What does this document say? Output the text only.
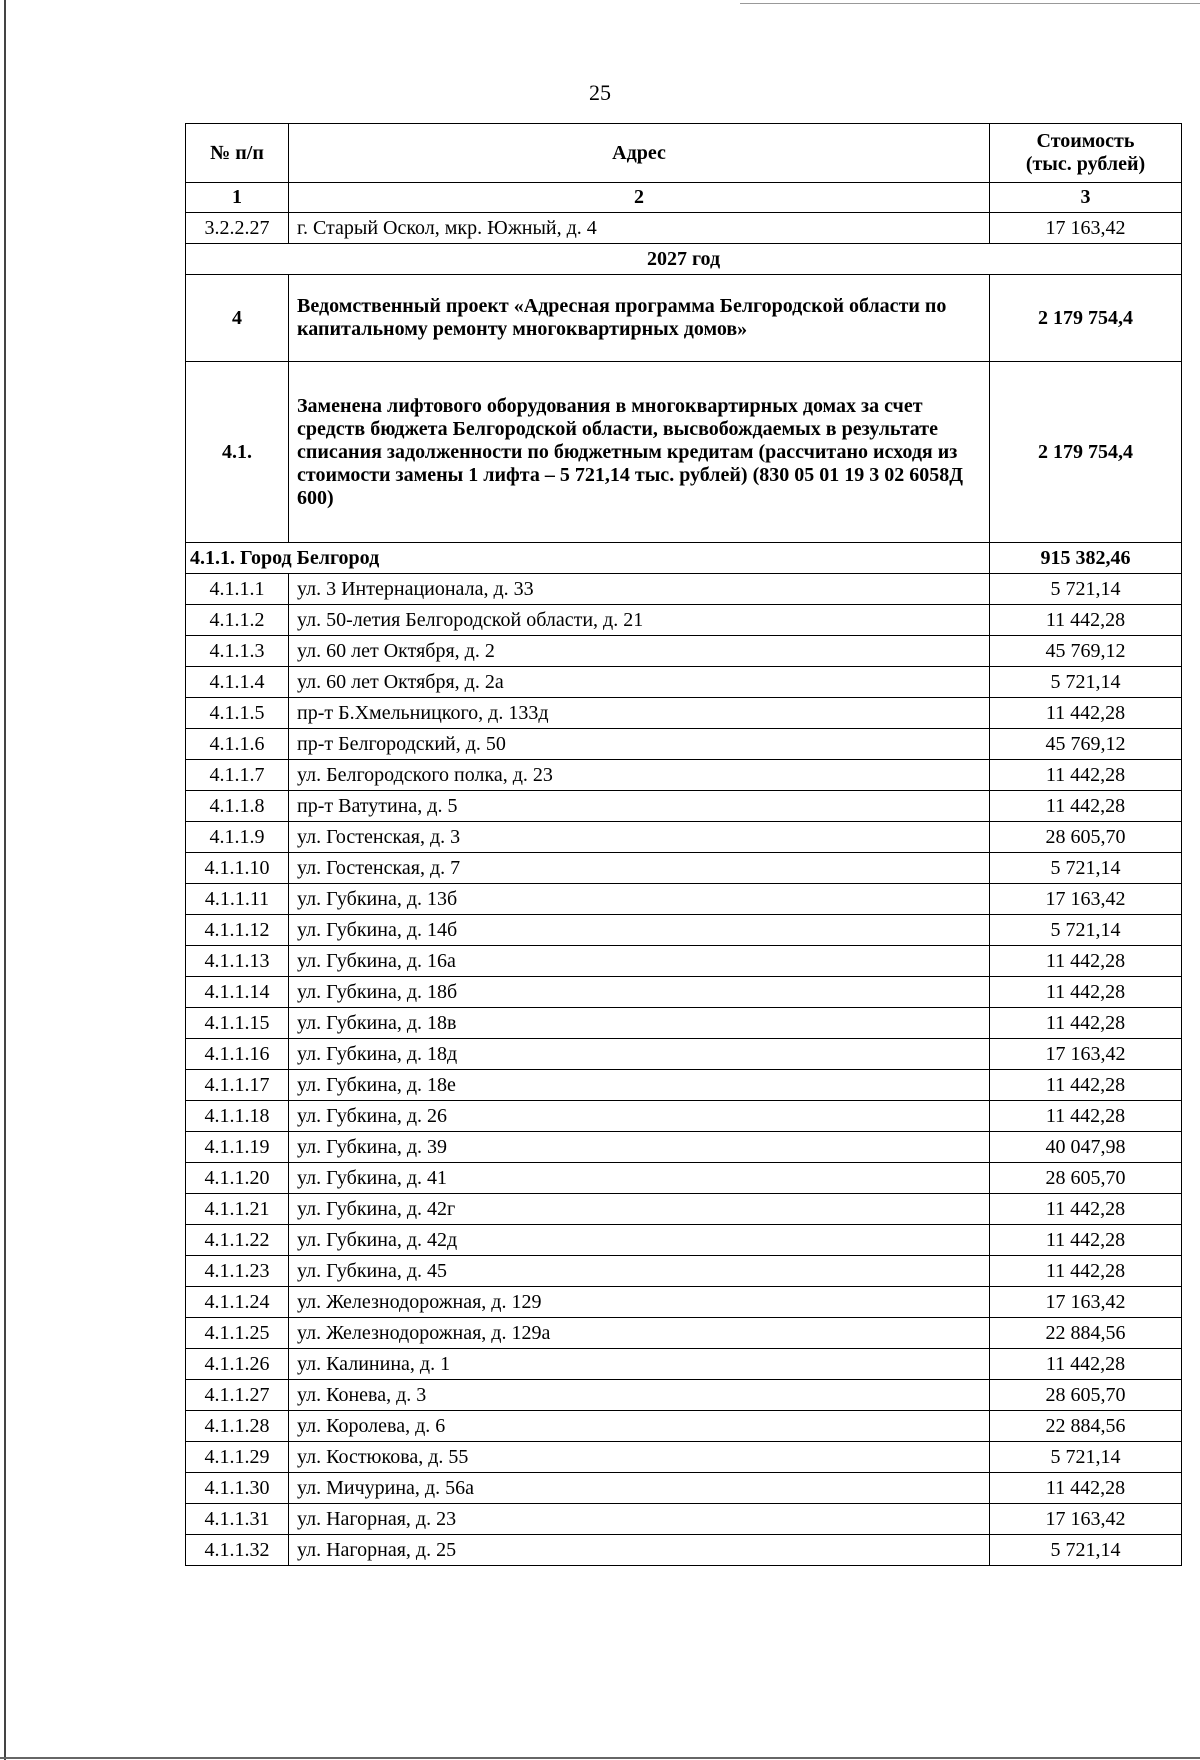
25
№ п/п	Адрес	Стоимость
(тыс. рублей)
1	2	3
3.2.2.27	г. Старый Оскол, мкр. Южный, д. 4	17 163,42
2027 год		
4	Ведомственный проект «Адресная программа Белгородской области по капитальному ремонту многоквартирных домов»	2 179 754,4
4.1.	Заменена лифтового оборудования в многоквартирных домах за счет средств бюджета Белгородской области, высвобождаемых в результате списания задолженности по бюджетным кредитам (рассчитано исходя из стоимости замены 1 лифта – 5 721,14 тыс. рублей) (830 05 01 19 3 02 6058Д 600)	2 179 754,4
4.1.1. Город Белгород		915 382,46
4.1.1.1	ул. 3 Интернационала, д. 33	5 721,14
4.1.1.2	ул. 50-летия Белгородской области, д. 21	11 442,28
4.1.1.3	ул. 60 лет Октября, д. 2	45 769,12
4.1.1.4	ул. 60 лет Октября, д. 2а	5 721,14
4.1.1.5	пр-т Б.Хмельницкого, д. 133д	11 442,28
4.1.1.6	пр-т Белгородский, д. 50	45 769,12
4.1.1.7	ул. Белгородского полка, д. 23	11 442,28
4.1.1.8	пр-т Ватутина, д. 5	11 442,28
4.1.1.9	ул. Гостенская, д. 3	28 605,70
4.1.1.10	ул. Гостенская, д. 7	5 721,14
4.1.1.11	ул. Губкина, д. 13б	17 163,42
4.1.1.12	ул. Губкина, д. 14б	5 721,14
4.1.1.13	ул. Губкина, д. 16а	11 442,28
4.1.1.14	ул. Губкина, д. 18б	11 442,28
4.1.1.15	ул. Губкина, д. 18в	11 442,28
4.1.1.16	ул. Губкина, д. 18д	17 163,42
4.1.1.17	ул. Губкина, д. 18е	11 442,28
4.1.1.18	ул. Губкина, д. 26	11 442,28
4.1.1.19	ул. Губкина, д. 39	40 047,98
4.1.1.20	ул. Губкина, д. 41	28 605,70
4.1.1.21	ул. Губкина, д. 42г	11 442,28
4.1.1.22	ул. Губкина, д. 42д	11 442,28
4.1.1.23	ул. Губкина, д. 45	11 442,28
4.1.1.24	ул. Железнодорожная, д. 129	17 163,42
4.1.1.25	ул. Железнодорожная, д. 129а	22 884,56
4.1.1.26	ул. Калинина, д. 1	11 442,28
4.1.1.27	ул. Конева, д. 3	28 605,70
4.1.1.28	ул. Королева, д. 6	22 884,56
4.1.1.29	ул. Костюкова, д. 55	5 721,14
4.1.1.30	ул. Мичурина, д. 56а	11 442,28
4.1.1.31	ул. Нагорная, д. 23	17 163,42
4.1.1.32	ул. Нагорная, д. 25	5 721,14
